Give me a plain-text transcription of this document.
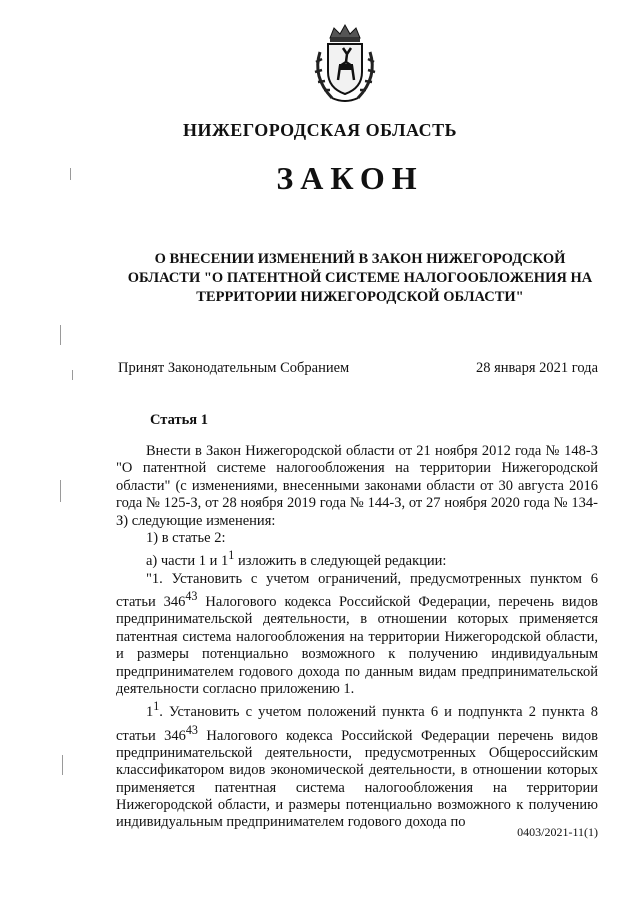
НИЖЕГОРОДСКАЯ ОБЛАСТЬ
ЗАКОН
О ВНЕСЕНИИ ИЗМЕНЕНИЙ В ЗАКОН НИЖЕГОРОДСКОЙ ОБЛАСТИ "О ПАТЕНТНОЙ СИСТЕМЕ НАЛОГООБЛОЖЕНИЯ НА ТЕРРИТОРИИ НИЖЕГОРОДСКОЙ ОБЛАСТИ"
Принят Законодательным Собранием	28 января 2021 года
Статья 1

Внести в Закон Нижегородской области от 21 ноября 2012 года № 148-З "О патентной системе налогообложения на территории Нижегородской области" (с изменениями, внесенными законами области от 30 августа 2016 года № 125-З, от 28 ноября 2019 года № 144-З, от 27 ноября 2020 года № 134-З) следующие изменения:

1) в статье 2:

а) части 1 и $1^1$ изложить в следующей редакции:

"1. Установить с учетом ограничений, предусмотренных пунктом 6 статьи $346^{43}$ Налогового кодекса Российской Федерации, перечень видов предпринимательской деятельности, в отношении которых применяется патентная система налогообложения на территории Нижегородской области, и размеры потенциально возможного к получению индивидуальным предпринимателем годового дохода по данным видам предпринимательской деятельности согласно приложению 1.

$1^1$. Установить с учетом положений пункта 6 и подпункта 2 пункта 8 статьи $346^{43}$ Налогового кодекса Российской Федерации перечень видов предпринимательской деятельности, предусмотренных Общероссийским классификатором видов экономической деятельности, в отношении которых применяется патентная система налогообложения на территории Нижегородской области, и размеры потенциально возможного к получению индивидуальным предпринимателем годового дохода по

0403/2021-11(1)
